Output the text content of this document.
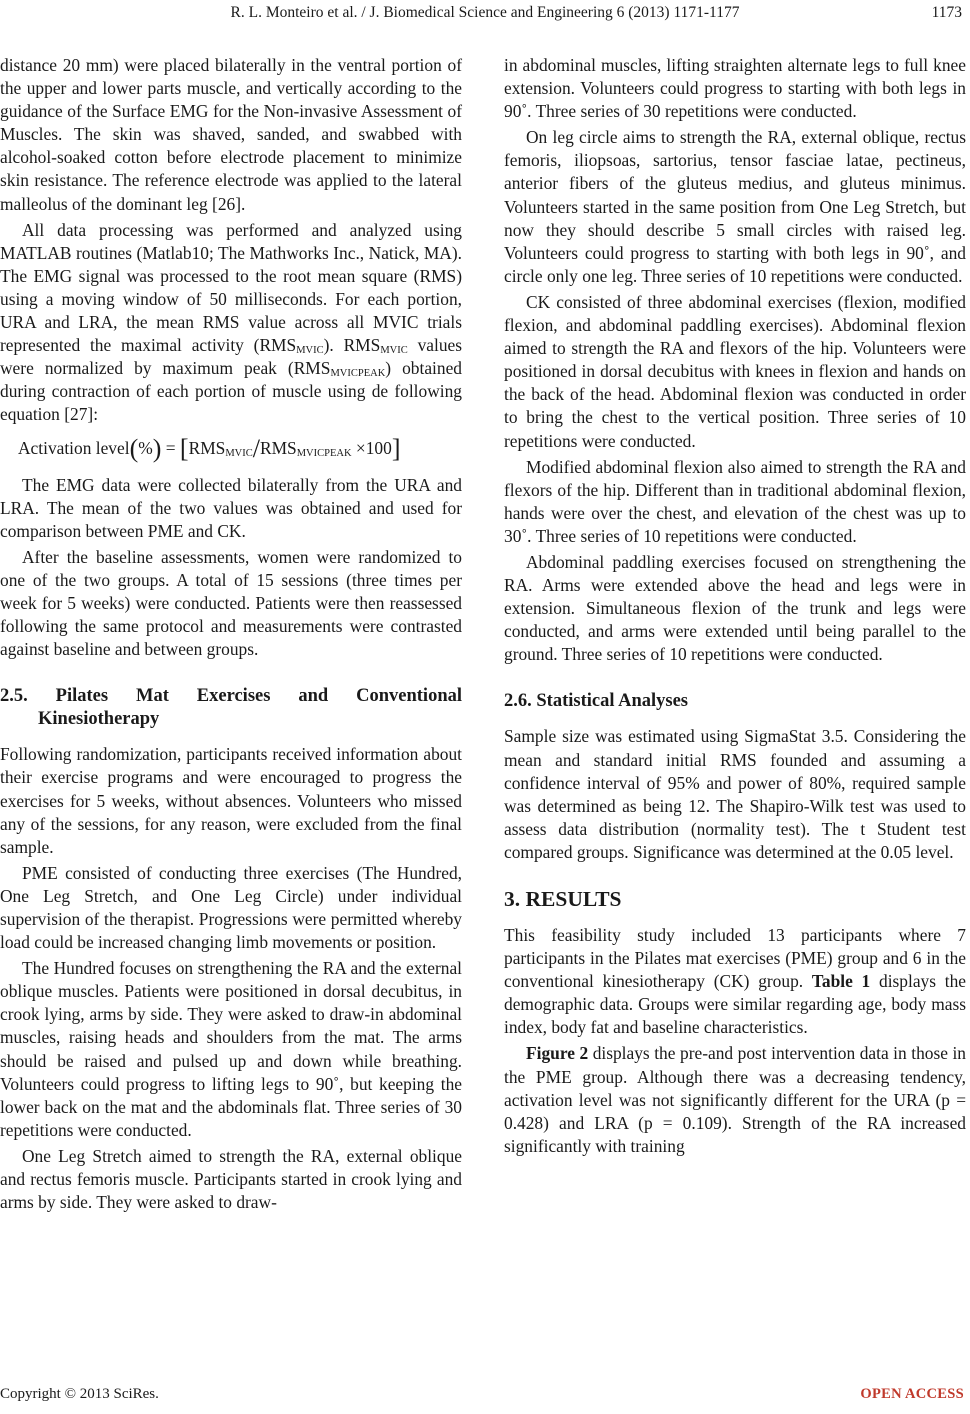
R. L. Monteiro et al. / J. Biomedical Science and Engineering 6 (2013) 1171-1177	1173

distance 20 mm) were placed bilaterally in the ventral portion of the upper and lower parts muscle, and vertically according to the guidance of the Surface EMG for the Non-invasive Assessment of Muscles. The skin was shaved, sanded, and swabbed with alcohol-soaked cotton before electrode placement to minimize skin resistance. The reference electrode was applied to the lateral malleolus of the dominant leg [26].

All data processing was performed and analyzed using MATLAB routines (Matlab10; The Mathworks Inc., Natick, MA). The EMG signal was processed to the root mean square (RMS) using a moving window of 50 milliseconds. For each portion, URA and LRA, the mean RMS value across all MVIC trials represented the maximal activity $(RMS_{MVIC})$. $RMS_{MVIC}$ values were normalized by maximum peak $(RMS_{MVICPEAK})$ obtained during contraction of each portion of muscle using de following equation [27]:

Activation level(%) = $[RMS_{MVIC}/RMS_{MVICPEAK} \times 100]$

The EMG data were collected bilaterally from the URA and LRA. The mean of the two values was obtained and used for comparison between PME and CK.

After the baseline assessments, women were randomized to one of the two groups. A total of 15 sessions (three times per week for 5 weeks) were conducted. Patients were then reassessed following the same protocol and measurements were contrasted against baseline and between groups.

2.5. Pilates Mat Exercises and Conventional Kinesiotherapy

Following randomization, participants received information about their exercise programs and were encouraged to progress the exercises for 5 weeks, without absences. Volunteers who missed any of the sessions, for any reason, were excluded from the final sample.

PME consisted of conducting three exercises (The Hundred, One Leg Stretch, and One Leg Circle) under individual supervision of the therapist. Progressions were permitted whereby load could be increased changing limb movements or position.

The Hundred focuses on strengthening the RA and the external oblique muscles. Patients were positioned in dorsal decubitus, in crook lying, arms by side. They were asked to draw-in abdominal muscles, raising heads and shoulders from the mat. The arms should be raised and pulsed up and down while breathing. Volunteers could progress to lifting legs to 90˚, but keeping the lower back on the mat and the abdominals flat. Three series of 30 repetitions were conducted.

One Leg Stretch aimed to strength the RA, external oblique and rectus femoris muscle. Participants started in crook lying and arms by side. They were asked to draw-

in abdominal muscles, lifting straighten alternate legs to full knee extension. Volunteers could progress to starting with both legs in 90˚. Three series of 30 repetitions were conducted.

On leg circle aims to strength the RA, external oblique, rectus femoris, iliopsoas, sartorius, tensor fasciae latae, pectineus, anterior fibers of the gluteus medius, and gluteus minimus. Volunteers started in the same position from One Leg Stretch, but now they should describe 5 small circles with raised leg. Volunteers could progress to starting with both legs in 90˚, and circle only one leg. Three series of 10 repetitions were conducted.

CK consisted of three abdominal exercises (flexion, modified flexion, and abdominal paddling exercises). Abdominal flexion aimed to strength the RA and flexors of the hip. Volunteers were positioned in dorsal decubitus with knees in flexion and hands on the back of the head. Abdominal flexion was conducted in order to bring the chest to the vertical position. Three series of 10 repetitions were conducted.

Modified abdominal flexion also aimed to strength the RA and flexors of the hip. Different than in traditional abdominal flexion, hands were over the chest, and elevation of the chest was up to 30˚. Three series of 10 repetitions were conducted.

Abdominal paddling exercises focused on strengthening the RA. Arms were extended above the head and legs were in extension. Simultaneous flexion of the trunk and legs were conducted, and arms were extended until being parallel to the ground. Three series of 10 repetitions were conducted.

2.6. Statistical Analyses

Sample size was estimated using SigmaStat 3.5. Considering the mean and standard initial RMS founded and assuming a confidence interval of 95% and power of 80%, required sample was determined as being 12. The Shapiro-Wilk test was used to assess data distribution (normality test). The t Student test compared groups. Significance was determined at the 0.05 level.

3. RESULTS

This feasibility study included 13 participants where 7 participants in the Pilates mat exercises (PME) group and 6 in the conventional kinesiotherapy (CK) group. Table 1 displays the demographic data. Groups were similar regarding age, body mass index, body fat and baseline characteristics.

Figure 2 displays the pre-and post intervention data in those in the PME group. Although there was a decreasing tendency, activation level was not significantly different for the URA (p = 0.428) and LRA (p = 0.109). Strength of the RA increased significantly with training

Copyright © 2013 SciRes.	OPEN ACCESS
